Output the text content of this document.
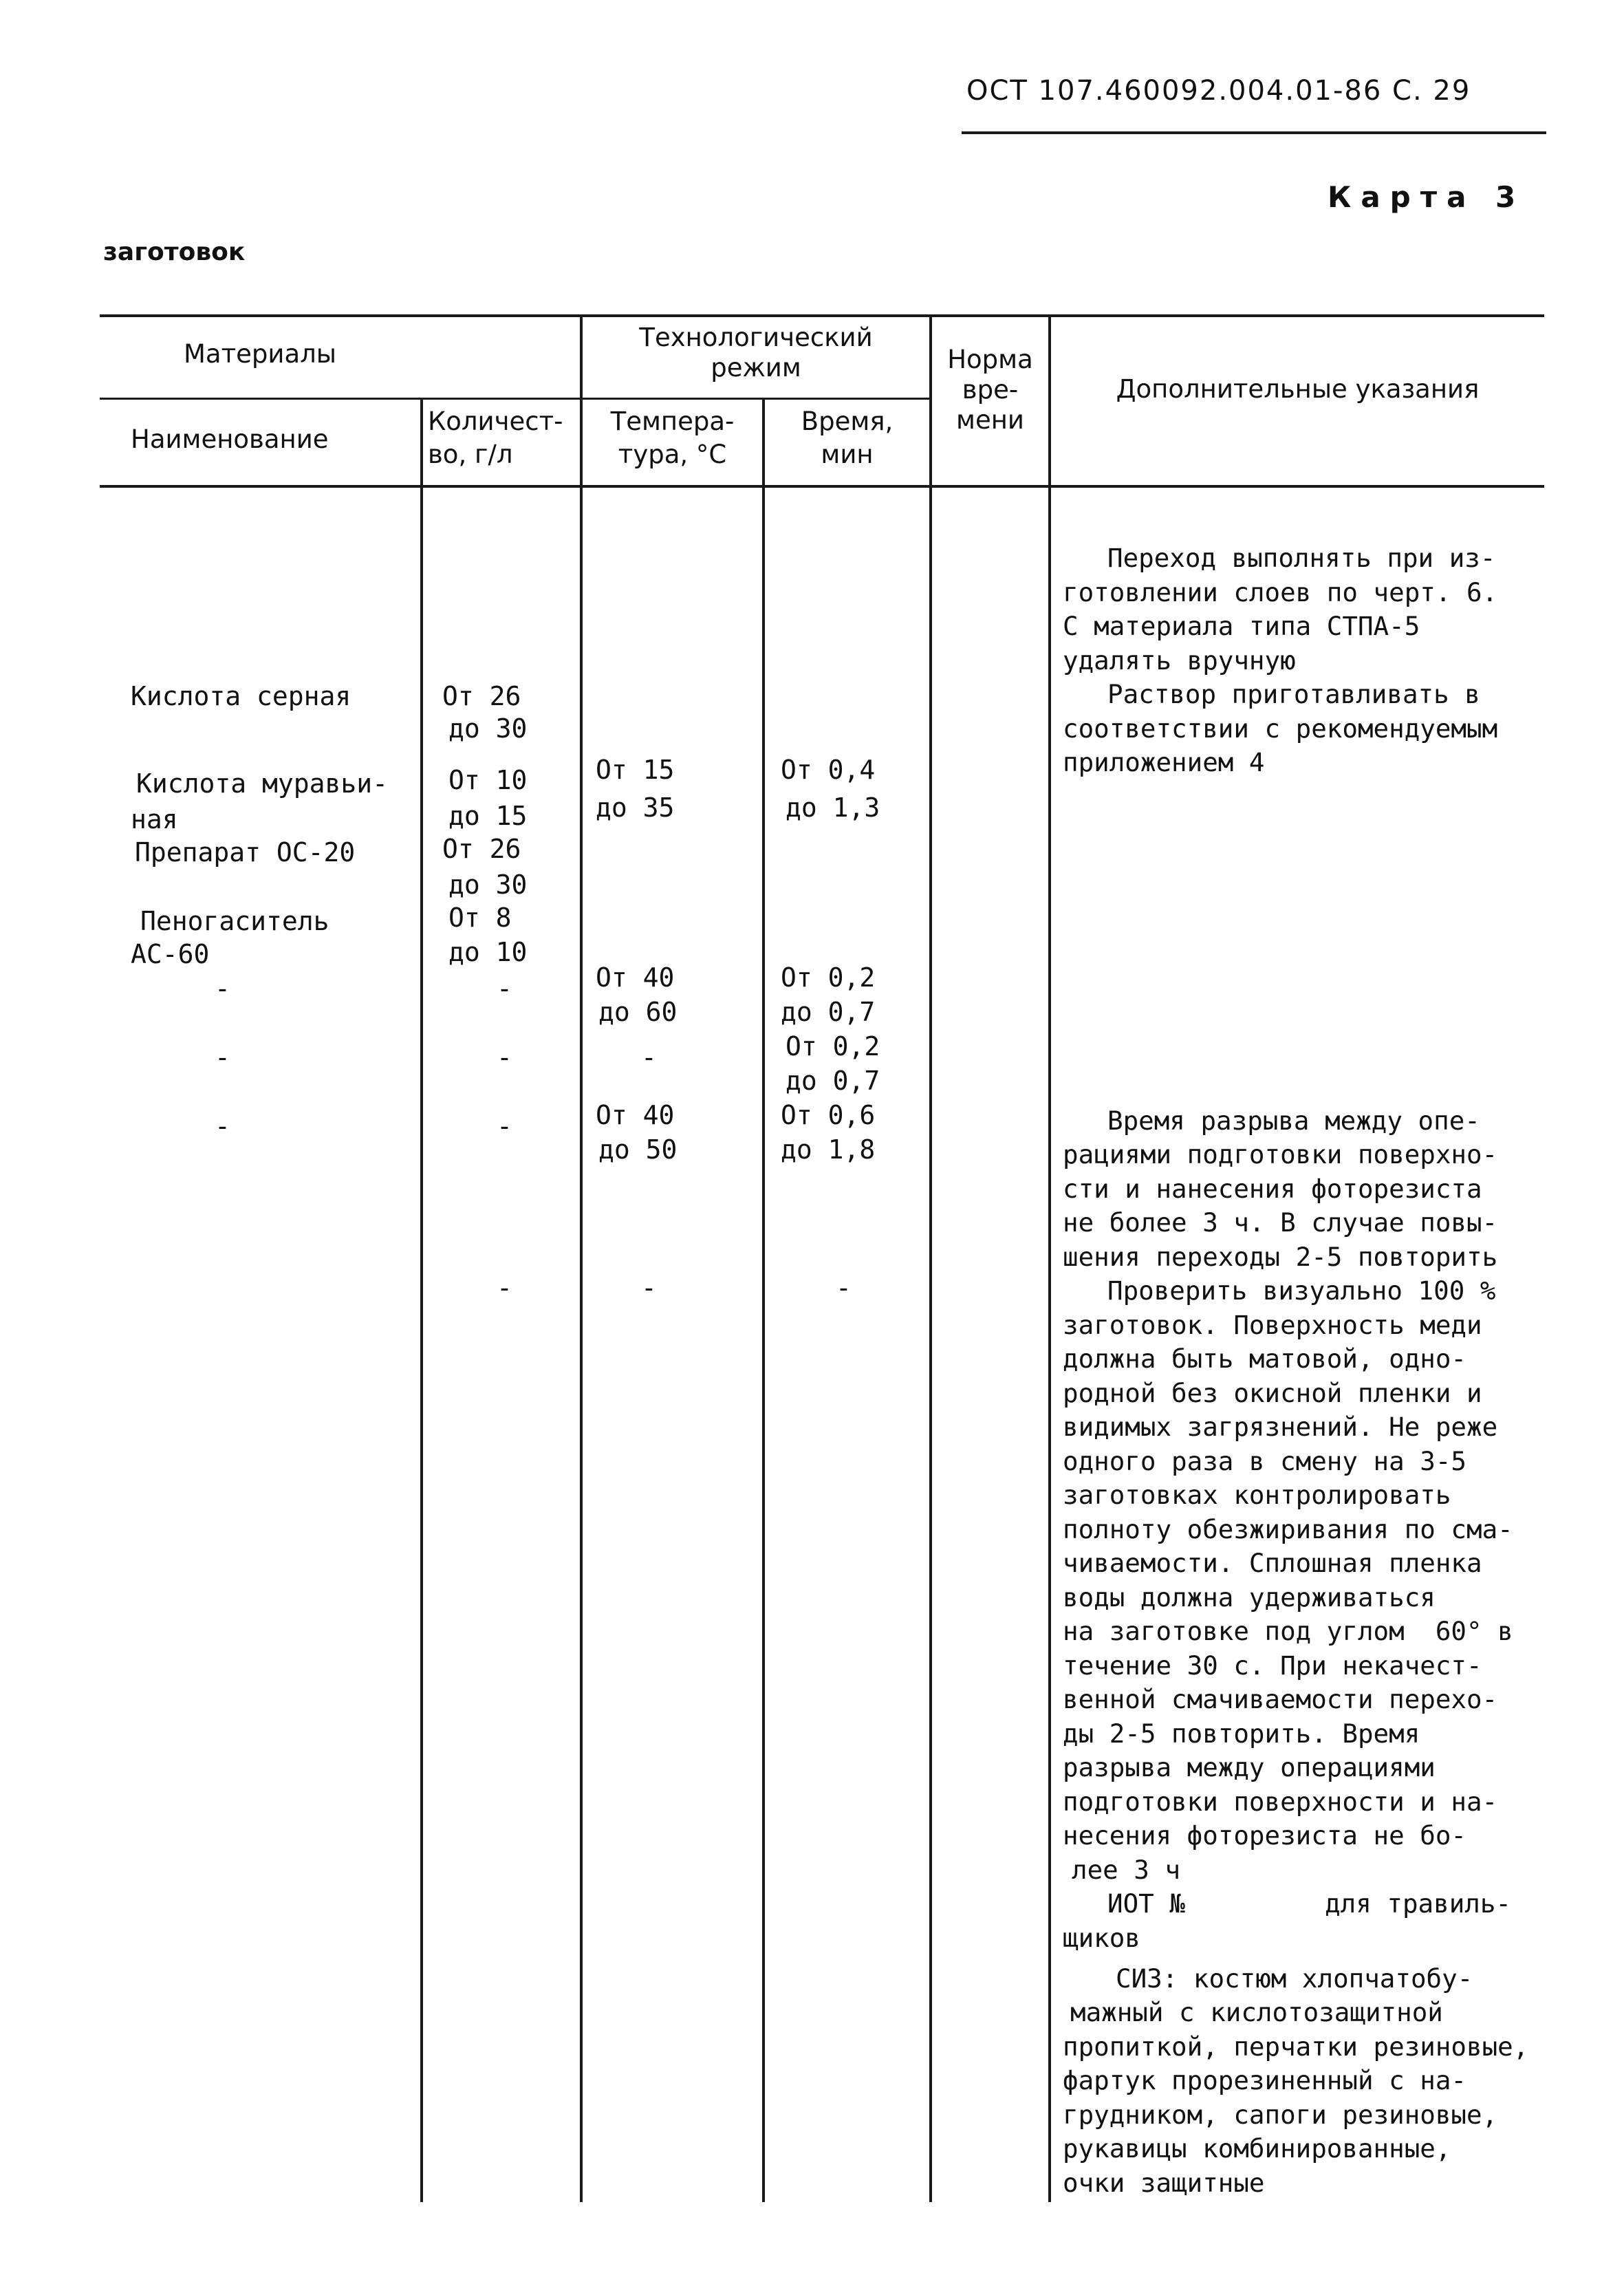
ОСТ 107.460092.004.01-86 С. 29
Карта 3
заготовок
Материалы
Технологический
режим
Наименование
Количест-
во, г/л
Темпера-
тура, °C
Время,
мин
Норма
вре-
мени
Дополнительные указания
Кислота серная
Кислота муравьи-
ная
Препарат ОС-20
Пеногаситель
АС-60
-
-
-
От 26
до 30
От 10
до 15
От 26
до 30
От 8
до 10
-
-
-
-
От 15
до 35
От 40
до 60
-
От 40
до 50
-
От 0,4
до 1,3
От 0,2
до 0,7
От 0,2
до 0,7
От 0,6
до 1,8
-
Переход выполнять при из-
готовлении слоев по черт. 6.
С материала типа СТПА-5
удалять вручную
Раствор приготавливать в
соответствии с рекомендуемым
приложением 4
Время разрыва между опе-
рациями подготовки поверхно-
сти и нанесения фоторезиста
не более 3 ч. В случае повы-
шения переходы 2-5 повторить
Проверить визуально 100 %
заготовок. Поверхность меди
должна быть матовой, одно-
родной без окисной пленки и
видимых загрязнений. Не реже
одного раза в смену на 3-5
заготовках контролировать
полноту обезжиривания по сма-
чиваемости. Сплошная пленка
воды должна удерживаться
на заготовке под углом  60° в
течение 30 с. При некачест-
венной смачиваемости перехо-
ды 2-5 повторить. Время
разрыва между операциями
подготовки поверхности и на-
несения фоторезиста не бо-
лее 3 ч
ИОТ №         для травиль-
щиков
СИЗ: костюм хлопчатобу-
мажный с кислотозащитной
пропиткой, перчатки резиновые,
фартук прорезиненный с на-
грудником, сапоги резиновые,
рукавицы комбинированные,
очки защитные
